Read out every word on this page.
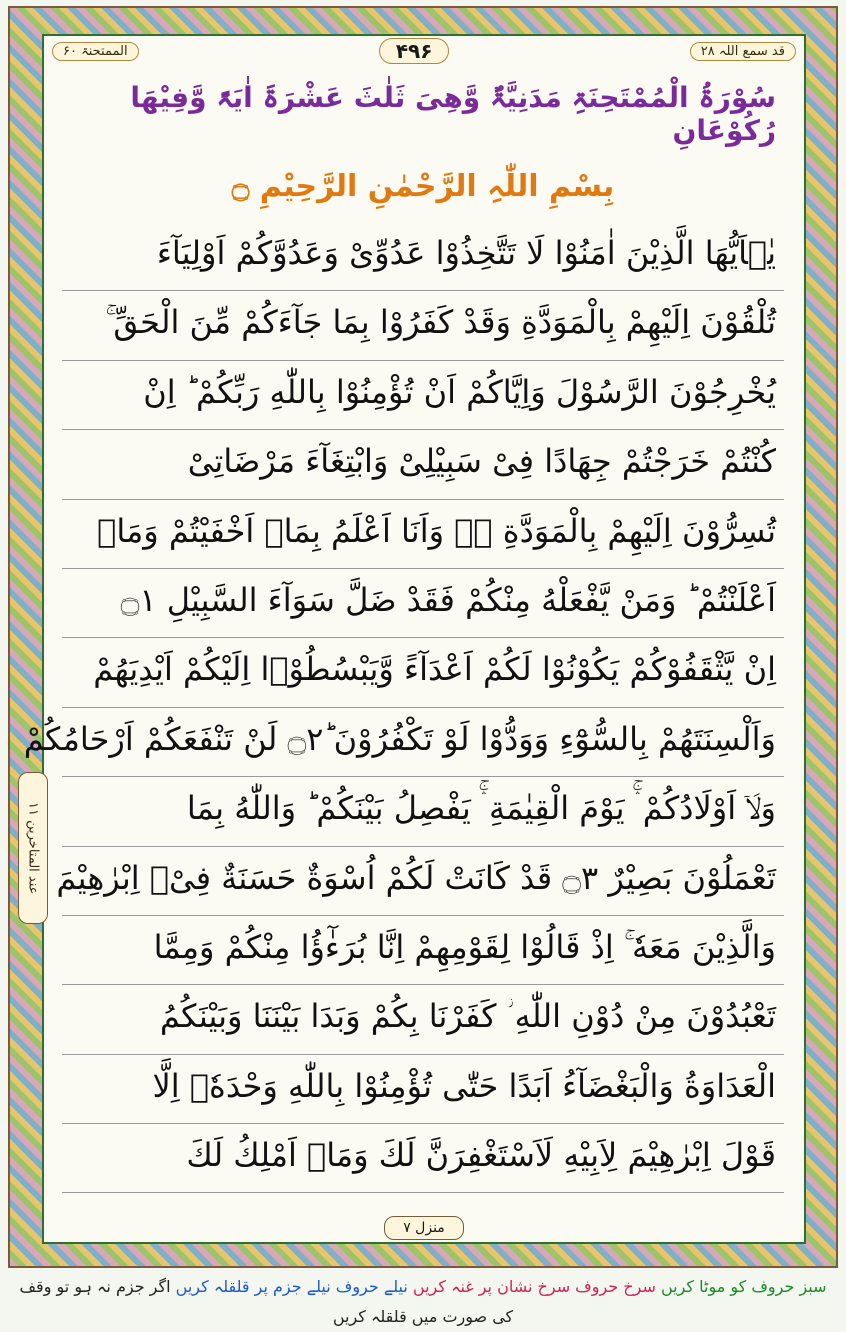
الممتحنۃ ۶۰	۴۹۶	قد سمع اللہ ۲۸
سُوْرَۃُ الْمُمْتَحِنَۃِ مَدَنِیَّۃٌ وَّهِیَ ثَلٰثَ عَشْرَۃَ اٰیَۃً وَّفِیْهَا رُکُوْعَانِ
بِسْمِ اللّٰہِ الرَّحْمٰنِ الرَّحِیْمِ ۝
یٰۤاَیُّهَا الَّذِیْنَ اٰمَنُوْا لَا تَتَّخِذُوْا عَدُوِّیْ وَعَدُوَّكُمْ اَوْلِیَآءَ
تُلْقُوْنَ اِلَیْهِمْ بِالْمَوَدَّةِ وَقَدْ كَفَرُوْا بِمَا جَآءَكُمْ مِّنَ الْحَقِّ ۚ
یُخْرِجُوْنَ الرَّسُوْلَ وَاِیَّاكُمْ اَنْ تُؤْمِنُوْا بِاللّٰهِ رَبِّكُمْ ؕ اِنْ
كُنْتُمْ خَرَجْتُمْ جِهَادًا فِیْ سَبِیْلِیْ وَابْتِغَآءَ مَرْضَاتِیْ
تُسِرُّوْنَ اِلَیْهِمْ بِالْمَوَدَّةِ ۖۗ وَاَنَا اَعْلَمُ بِمَاۤ اَخْفَیْتُمْ وَمَاۤ
اَعْلَنْتُمْ ؕ وَمَنْ یَّفْعَلْهُ مِنْكُمْ فَقَدْ ضَلَّ سَوَآءَ السَّبِیْلِ ۝١
اِنْ یَّثْقَفُوْكُمْ یَكُوْنُوْا لَكُمْ اَعْدَآءً وَّیَبْسُطُوْۤا اِلَیْكُمْ اَیْدِیَهُمْ
وَاَلْسِنَتَهُمْ بِالسُّوْٓءِ وَوَدُّوْا لَوْ تَكْفُرُوْنَ ۝٢ؕ لَنْ تَنْفَعَكُمْ اَرْحَامُكُمْ
وَلَاۤ اَوْلَادُكُمْ ۛۚ یَوْمَ الْقِیٰمَةِ ۛۚ یَفْصِلُ بَیْنَكُمْ ؕ وَاللّٰهُ بِمَا
تَعْمَلُوْنَ بَصِیْرٌ ۝٣ قَدْ كَانَتْ لَكُمْ اُسْوَةٌ حَسَنَةٌ فِیْۤ اِبْرٰهِیْمَ
وَالَّذِیْنَ مَعَهٗ ۚ اِذْ قَالُوْا لِقَوْمِهِمْ اِنَّا بُرَءٰٓؤُا مِنْكُمْ وَمِمَّا
تَعْبُدُوْنَ مِنْ دُوْنِ اللّٰهِ ؗ كَفَرْنَا بِكُمْ وَبَدَا بَیْنَنَا وَبَیْنَكُمُ
الْعَدَاوَةُ وَالْبَغْضَآءُ اَبَدًا حَتّٰى تُؤْمِنُوْا بِاللّٰهِ وَحْدَهٗۤ اِلَّا
قَوْلَ اِبْرٰهِیْمَ لِاَبِیْهِ لَاَسْتَغْفِرَنَّ لَكَ وَمَاۤ اَمْلِكُ لَكَ
عند المتاخرین ۱۱
منزل ۷
سبز حروف کو موٹا کریں سرخ حروف سرخ نشان پر غنہ کریں نیلے حروف نیلے جزم پر قلقلہ کریں اگر جزم نہ ہو تو وقف کی صورت میں قلقلہ کریں
